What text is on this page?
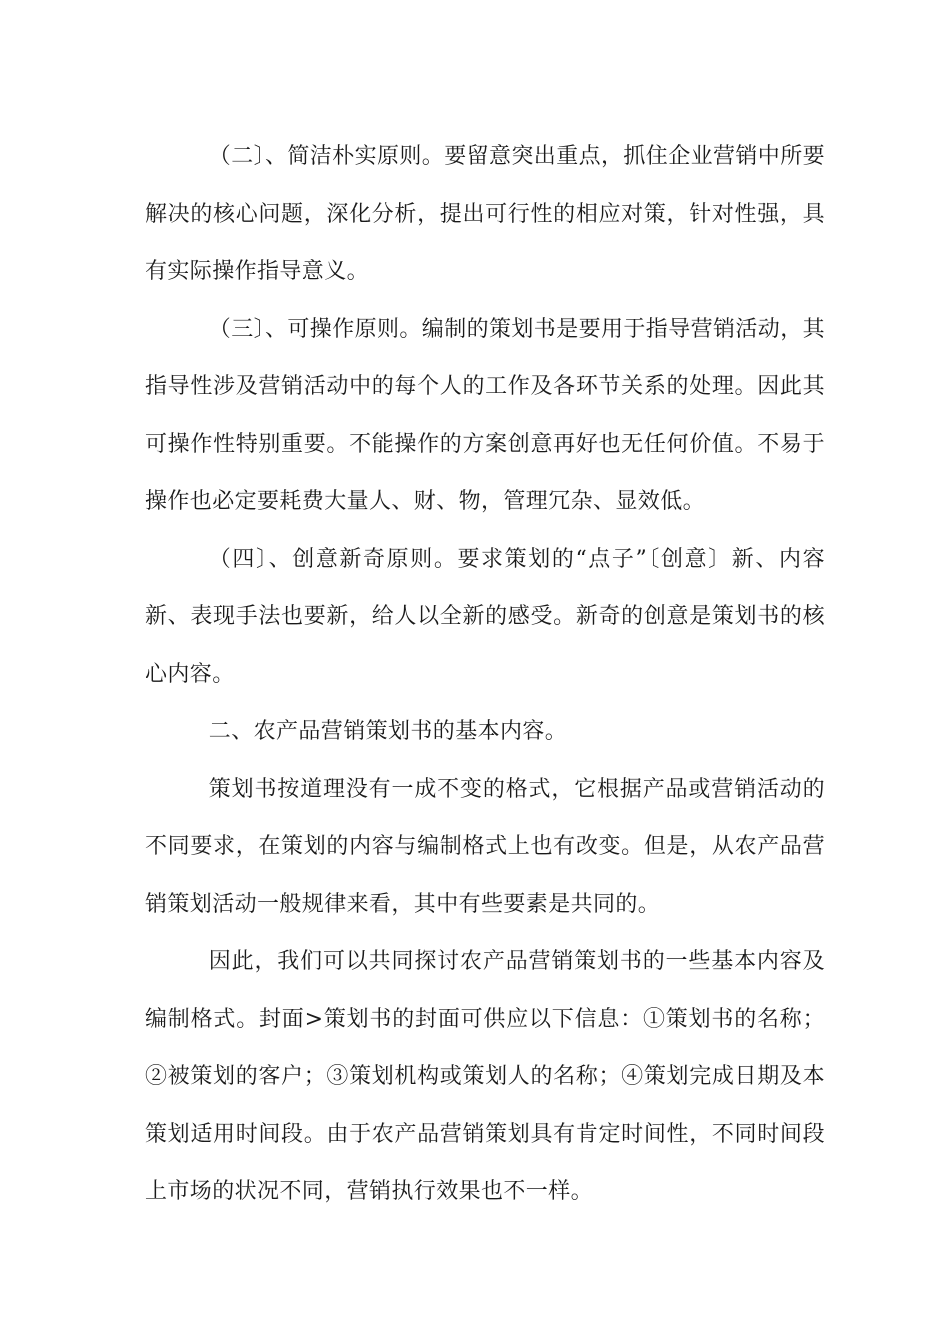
（二〕、简洁朴实原则。要留意突出重点，抓住企业营销中所要解决的核心问题，深化分析，提出可行性的相应对策，针对性强，具有实际操作指导意义。

（三〕、可操作原则。编制的策划书是要用于指导营销活动，其指导性涉及营销活动中的每个人的工作及各环节关系的处理。因此其可操作性特别重要。不能操作的方案创意再好也无任何价值。不易于操作也必定要耗费大量人、财、物，管理冗杂、显效低。

（四〕、创意新奇原则。要求策划的“点子”〔创意〕新、内容新、表现手法也要新，给人以全新的感受。新奇的创意是策划书的核心内容。

二、农产品营销策划书的基本内容。

策划书按道理没有一成不变的格式，它根据产品或营销活动的不同要求，在策划的内容与编制格式上也有改变。但是，从农产品营销策划活动一般规律来看，其中有些要素是共同的。

因此，我们可以共同探讨农产品营销策划书的一些基本内容及编制格式。封面>策划书的封面可供应以下信息：①策划书的名称；②被策划的客户；③策划机构或策划人的名称；④策划完成日期及本策划适用时间段。由于农产品营销策划具有肯定时间性，不同时间段上市场的状况不同，营销执行效果也不一样。
